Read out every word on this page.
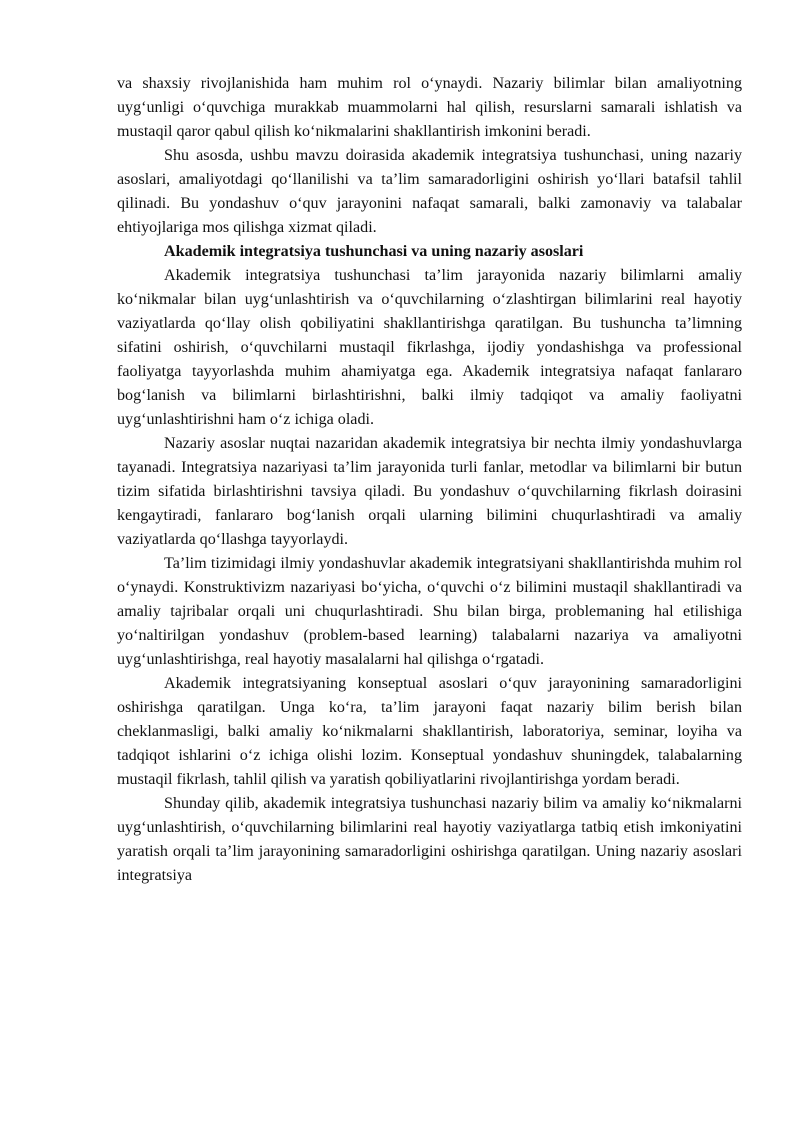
va shaxsiy rivojlanishida ham muhim rol o‘ynaydi. Nazariy bilimlar bilan amaliyotning uyg‘unligi o‘quvchiga murakkab muammolarni hal qilish, resurslarni samarali ishlatish va mustaqil qaror qabul qilish ko‘nikmalarini shakllantirish imkonini beradi.

Shu asosda, ushbu mavzu doirasida akademik integratsiya tushunchasi, uning nazariy asoslari, amaliyotdagi qo‘llanilishi va ta’lim samaradorligini oshirish yo‘llari batafsil tahlil qilinadi. Bu yondashuv o‘quv jarayonini nafaqat samarali, balki zamonaviy va talabalar ehtiyojlariga mos qilishga xizmat qiladi.

Akademik integratsiya tushunchasi va uning nazariy asoslari

Akademik integratsiya tushunchasi ta’lim jarayonida nazariy bilimlarni amaliy ko‘nikmalar bilan uyg‘unlashtirish va o‘quvchilarning o‘zlashtirgan bilimlarini real hayotiy vaziyatlarda qo‘llay olish qobiliyatini shakllantirishga qaratilgan. Bu tushuncha ta’limning sifatini oshirish, o‘quvchilarni mustaqil fikrlashga, ijodiy yondashishga va professional faoliyatga tayyorlashda muhim ahamiyatga ega. Akademik integratsiya nafaqat fanlararo bog‘lanish va bilimlarni birlashtirishni, balki ilmiy tadqiqot va amaliy faoliyatni uyg‘unlashtirishni ham o‘z ichiga oladi.

Nazariy asoslar nuqtai nazaridan akademik integratsiya bir nechta ilmiy yondashuvlarga tayanadi. Integratsiya nazariyasi ta’lim jarayonida turli fanlar, metodlar va bilimlarni bir butun tizim sifatida birlashtirishni tavsiya qiladi. Bu yondashuv o‘quvchilarning fikrlash doirasini kengaytiradi, fanlararo bog‘lanish orqali ularning bilimini chuqurlashtiradi va amaliy vaziyatlarda qo‘llashga tayyorlaydi.

Ta’lim tizimidagi ilmiy yondashuvlar akademik integratsiyani shakllantirishda muhim rol o‘ynaydi. Konstruktivizm nazariyasi bo‘yicha, o‘quvchi o‘z bilimini mustaqil shakllantiradi va amaliy tajribalar orqali uni chuqurlashtiradi. Shu bilan birga, problemaning hal etilishiga yo‘naltirilgan yondashuv (problem-based learning) talabalarni nazariya va amaliyotni uyg‘unlashtirishga, real hayotiy masalalarni hal qilishga o‘rgatadi.

Akademik integratsiyaning konseptual asoslari o‘quv jarayonining samaradorligini oshirishga qaratilgan. Unga ko‘ra, ta’lim jarayoni faqat nazariy bilim berish bilan cheklanmasligi, balki amaliy ko‘nikmalarni shakllantirish, laboratoriya, seminar, loyiha va tadqiqot ishlarini o‘z ichiga olishi lozim. Konseptual yondashuv shuningdek, talabalarning mustaqil fikrlash, tahlil qilish va yaratish qobiliyatlarini rivojlantirishga yordam beradi.

Shunday qilib, akademik integratsiya tushunchasi nazariy bilim va amaliy ko‘nikmalarni uyg‘unlashtirish, o‘quvchilarning bilimlarini real hayotiy vaziyatlarga tatbiq etish imkoniyatini yaratish orqali ta’lim jarayonining samaradorligini oshirishga qaratilgan. Uning nazariy asoslari integratsiya
